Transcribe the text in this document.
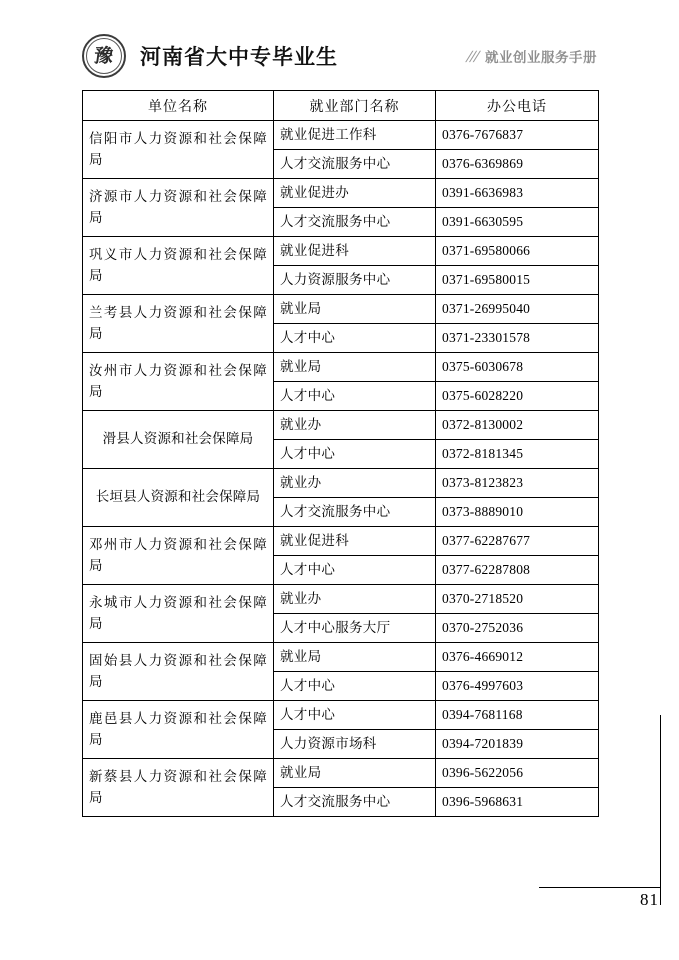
豫 河南省大中专毕业生	/// 就业创业服务手册
单位名称	就业部门名称	办公电话
信阳市人力资源和社会保障局	就业促进工作科	0376-7676837
	人才交流服务中心	0376-6369869
济源市人力资源和社会保障局	就业促进办	0391-6636983
	人才交流服务中心	0391-6630595
巩义市人力资源和社会保障局	就业促进科	0371-69580066
	人力资源服务中心	0371-69580015
兰考县人力资源和社会保障局	就业局	0371-26995040
	人才中心	0371-23301578
汝州市人力资源和社会保障局	就业局	0375-6030678
	人才中心	0375-6028220
滑县人资源和社会保障局	就业办	0372-8130002
	人才中心	0372-8181345
长垣县人资源和社会保障局	就业办	0373-8123823
	人才交流服务中心	0373-8889010
邓州市人力资源和社会保障局	就业促进科	0377-62287677
	人才中心	0377-62287808
永城市人力资源和社会保障局	就业办	0370-2718520
	人才中心服务大厅	0370-2752036
固始县人力资源和社会保障局	就业局	0376-4669012
	人才中心	0376-4997603
鹿邑县人力资源和社会保障局	人才中心	0394-7681168
	人力资源市场科	0394-7201839
新蔡县人力资源和社会保障局	就业局	0396-5622056
	人才交流服务中心	0396-5968631
81
